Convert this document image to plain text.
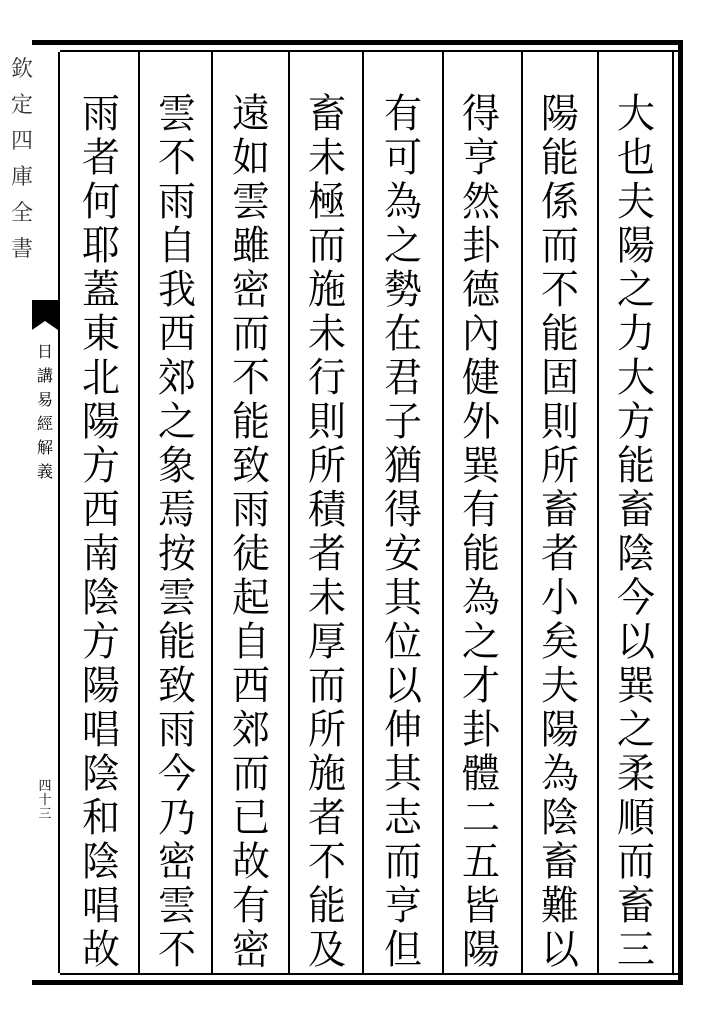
欽
定
四
庫
全
書
日
講
易
經
解
義
四
十
三
大
也
夫
陽
之
力
大
方
能
畜
陰
今
以
巽
之
柔
順
而
畜
三
陽
能
係
而
不
能
固
則
所
畜
者
小
矣
夫
陽
為
陰
畜
難
以
得
亨
然
卦
德
內
健
外
巽
有
能
為
之
才
卦
體
二
五
皆
陽
有
可
為
之
勢
在
君
子
猶
得
安
其
位
以
伸
其
志
而
亨
但
畜
未
極
而
施
未
行
則
所
積
者
未
厚
而
所
施
者
不
能
及
遠
如
雲
雖
密
而
不
能
致
雨
徒
起
自
西
郊
而
已
故
有
密
雲
不
雨
自
我
西
郊
之
象
焉
按
雲
能
致
雨
今
乃
密
雲
不
雨
者
何
耶
蓋
東
北
陽
方
西
南
陰
方
陽
唱
陰
和
陰
唱
故
